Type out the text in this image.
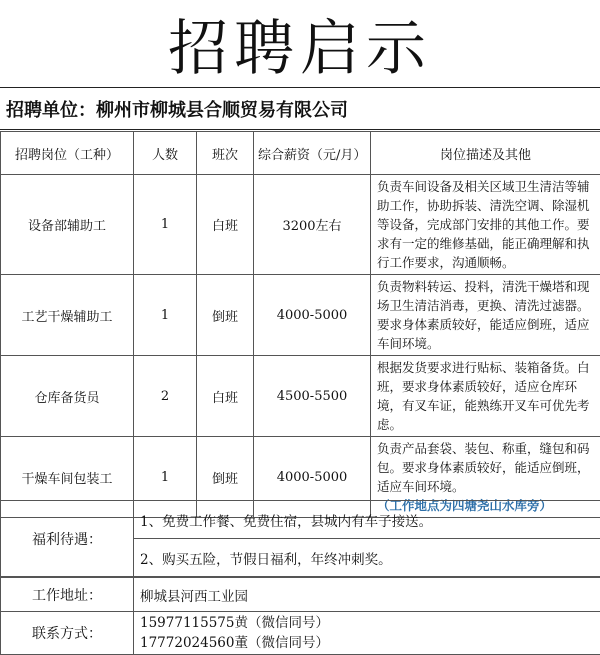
招聘启示
招聘单位： 柳州市柳城县合顺贸易有限公司
招聘岗位（工种）	人数	班次	综合薪资（元/月）	岗位描述及其他
设备部辅助工	1	白班	3200左右	负责车间设备及相关区域卫生清洁等辅助工作，协助拆装、清洗空调、除湿机等设备，完成部门安排的其他工作。要求有一定的维修基础，能正确理解和执行工作要求，沟通顺畅。
工艺干燥辅助工	1	倒班	4000-5000	负责物料转运、投料，清洗干燥塔和现场卫生清洁消毒，更换、清洗过滤器。要求身体素质较好，能适应倒班，适应车间环境。
仓库备货员	2	白班	4500-5500	根据发货要求进行贴标、装箱备货。白班，要求身体素质较好，适应仓库环境，有叉车证，能熟练开叉车可优先考虑。
干燥车间包装工	1	倒班	4000-5000	负责产品套袋、装包、称重，缝包和码包。要求身体素质较好，能适应倒班，适应车间环境。
（工作地点为四塘尧山水库旁）
福利待遇：	1、免费工作餐、免费住宿，县城内有车子接送。
2、购买五险，节假日福利，年终冲刺奖。
工作地址：	柳城县河西工业园
联系方式：	
15977115575黄（微信同号）
17772024560董（微信同号）
